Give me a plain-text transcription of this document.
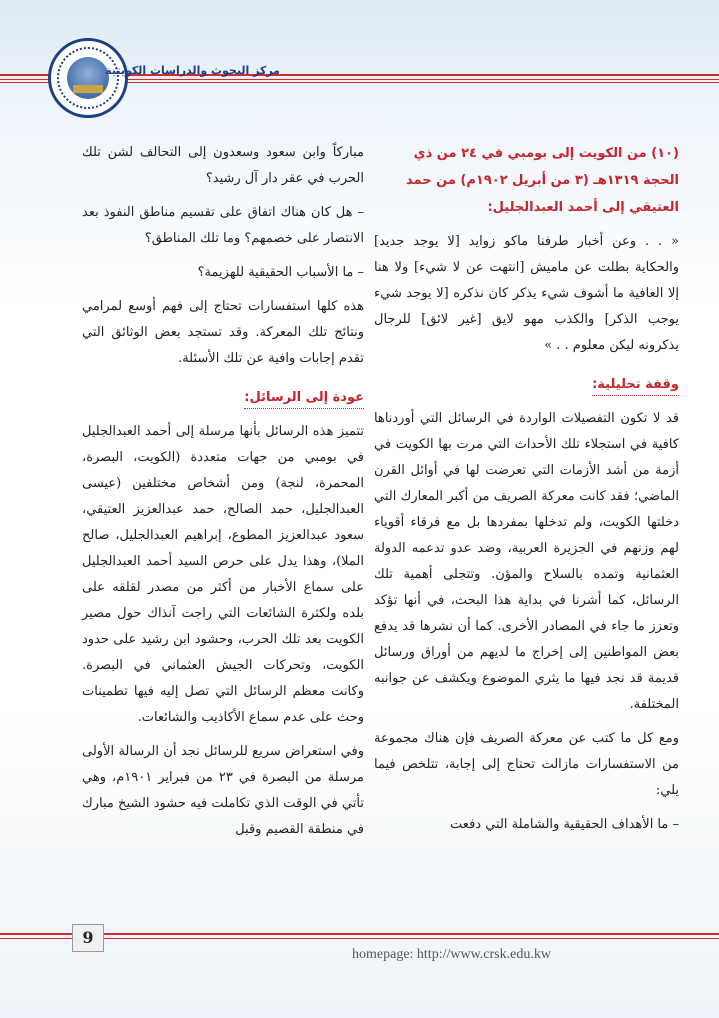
مركز البحوث والدراسات الكويتية
(١٠) من الكويت إلى بومبي في ٢٤ من ذي
الحجة ١٣١٩هـ (٣ من أبريل ١٩٠٢م) من حمد
العتيقي إلى أحمد العبدالجليل:

« . . وعن أخبار طرفنا ماكو زوايد [لا يوجد جديد] والحكاية بطلت عن ماميش [انتهت عن لا شيء] ولا هنا إلا العافية ما أشوف شيء يذكر كان نذكره [لا يوجد شيء يوجب الذكر] والكذب مهو لايق [غير لائق] للرجال يذكرونه ليكن معلوم . . »

وقفة تحليلية:

قد لا تكون التفصيلات الواردة في الرسائل التي أوردناها كافية في استجلاء تلك الأحداث التي مرت بها الكويت في أزمة من أشد الأزمات التي تعرضت لها في أوائل القرن الماضي؛ فقد كانت معركة الصريف من أكبر المعارك التي دخلتها الكويت، ولم تدخلها بمفردها بل مع فرقاء أقوياء لهم وزنهم في الجزيرة العربية، وضد عدو تدعمه الدولة العثمانية وتمده بالسلاح والمؤن. وتتجلى أهمية تلك الرسائل، كما أشرنا في بداية هذا البحث، في أنها تؤكد وتعزز ما جاء في المصادر الأخرى. كما أن نشرها قد يدفع بعض المواطنين إلى إخراج ما لديهم من أوراق ورسائل قديمة قد نجد فيها ما يثري الموضوع ويكشف عن جوانبه المختلفة.

ومع كل ما كتب عن معركة الصريف فإن هناك مجموعة من الاستفسارات مازالت تحتاج إلى إجابة، تتلخص فيما يلي:

– ما الأهداف الحقيقية والشاملة التي دفعت

مباركاً وابن سعود وسعدون إلى التحالف لشن تلك الحرب في عقر دار آل رشيد؟

– هل كان هناك اتفاق على تقسيم مناطق النفوذ بعد الانتصار على خصمهم؟ وما تلك المناطق؟

– ما الأسباب الحقيقية للهزيمة؟

هذه كلها استفسارات تحتاج إلى فهم أوسع لمرامي ونتائج تلك المعركة. وقد تستجد بعض الوثائق التي تقدم إجابات وافية عن تلك الأسئلة.

عودة إلى الرسائل:

تتميز هذه الرسائل بأنها مرسلة إلى أحمد العبدالجليل في بومبي من جهات متعددة (الكويت، البصرة، المحمرة، لنجة) ومن أشخاص مختلفين (عيسى العبدالجليل، حمد الصالح، حمد عبدالعزيز العتيقي، سعود عبدالعزيز المطوع، إبراهيم العبدالجليل، صالح الملا)، وهذا يدل على حرص السيد أحمد العبدالجليل على سماع الأخبار من أكثر من مصدر لقلقه على بلده ولكثرة الشائعات التي راجت آنذاك حول مصير الكويت بعد تلك الحرب، وحشود ابن رشيد على حدود الكويت، وتحركات الجيش العثماني في البصرة. وكانت معظم الرسائل التي تصل إليه فيها تطمينات وحث على عدم سماع الأكاذيب والشائعات.

وفي استعراض سريع للرسائل نجد أن الرسالة الأولى مرسلة من البصرة في ٢٣ من فبراير ١٩٠١م، وهي تأتي في الوقت الذي تكاملت فيه حشود الشيخ مبارك في منطقة القصيم وقبل

9
homepage: http://www.crsk.edu.kw
